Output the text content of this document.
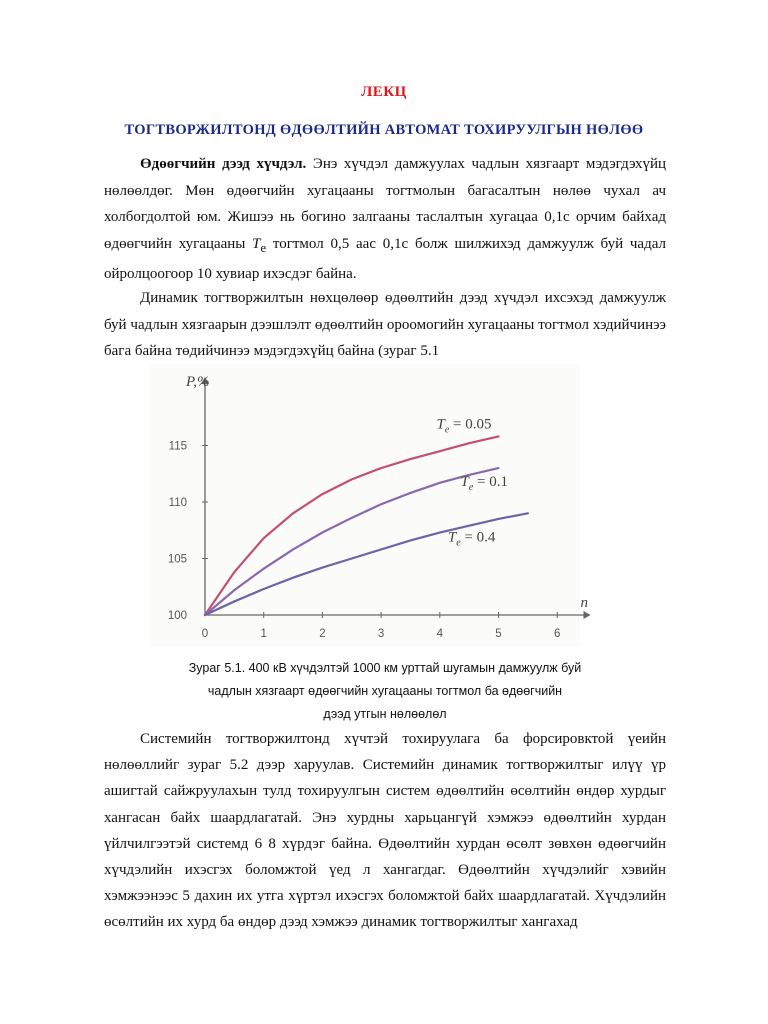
ЛЕКЦ
ТОГТВОРЖИЛТОНД ӨДӨӨЛТИЙН АВТОМАТ ТОХИРУУЛГЫН НӨЛӨӨ

Өдөөгчийн дээд хүчдэл. Энэ хүчдэл дамжуулах чадлын хязгаарт мэдэгдэхүйц нөлөөлдөг. Мөн өдөөгчийн хугацааны тогтмолын багасалтын нөлөө чухал ач холбогдолтой юм. Жишээ нь богино залгааны таслалтын хугацаа 0,1с орчим байхад өдөөгчийн хугацааны $T_e$ тогтмол 0,5 аас 0,1с болж шилжихэд дамжуулж буй чадал ойролцоогоор 10 хувиар ихэсдэг байна.

Динамик тогтворжилтын нөхцөлөөр өдөөлтийн дээд хүчдэл ихсэхэд дамжуулж буй чадлын хязгаарын дээшлэлт өдөөлтийн ороомогийн хугацааны тогтмол хэдийчинээ бага байна төдийчинээ мэдэгдэхүйц байна (зураг 5.1

P,%
n
0	1	2	3	4	5	6
100
105
110
115
$T_e = 0.05$
$T_e = 0.1$
$T_e = 0.4$

Зураг 5.1. 400 кВ хүчдэлтэй 1000 км урттай шугамын дамжуулж буй

чадлын хязгаарт өдөөгчийн хугацааны тогтмол ба өдөөгчийн

дээд утгын нөлөөлөл

Системийн тогтворжилтонд хүчтэй тохируулага ба форсировктой үеийн нөлөөллийг зураг 5.2 дээр харуулав. Системийн динамик тогтворжилтыг илүү үр ашигтай сайжруулахын тулд тохируулгын систем өдөөлтийн өсөлтийн өндөр хурдыг хангасан байх шаардлагатай. Энэ хурдны харьцангүй хэмжээ өдөөлтийн хурдан үйлчилгээтэй системд 6 8 хүрдэг байна. Өдөөлтийн хурдан өсөлт зөвхөн өдөөгчийн хүчдэлийн ихэсгэх боломжтой үед л хангагдаг. Өдөөлтийн хүчдэлийг хэвийн хэмжээнээс 5 дахин их утга хүртэл ихэсгэх боломжтой байх шаардлагатай. Хүчдэлийн өсөлтийн их хурд ба өндөр дээд хэмжээ динамик тогтворжилтыг хангахад
